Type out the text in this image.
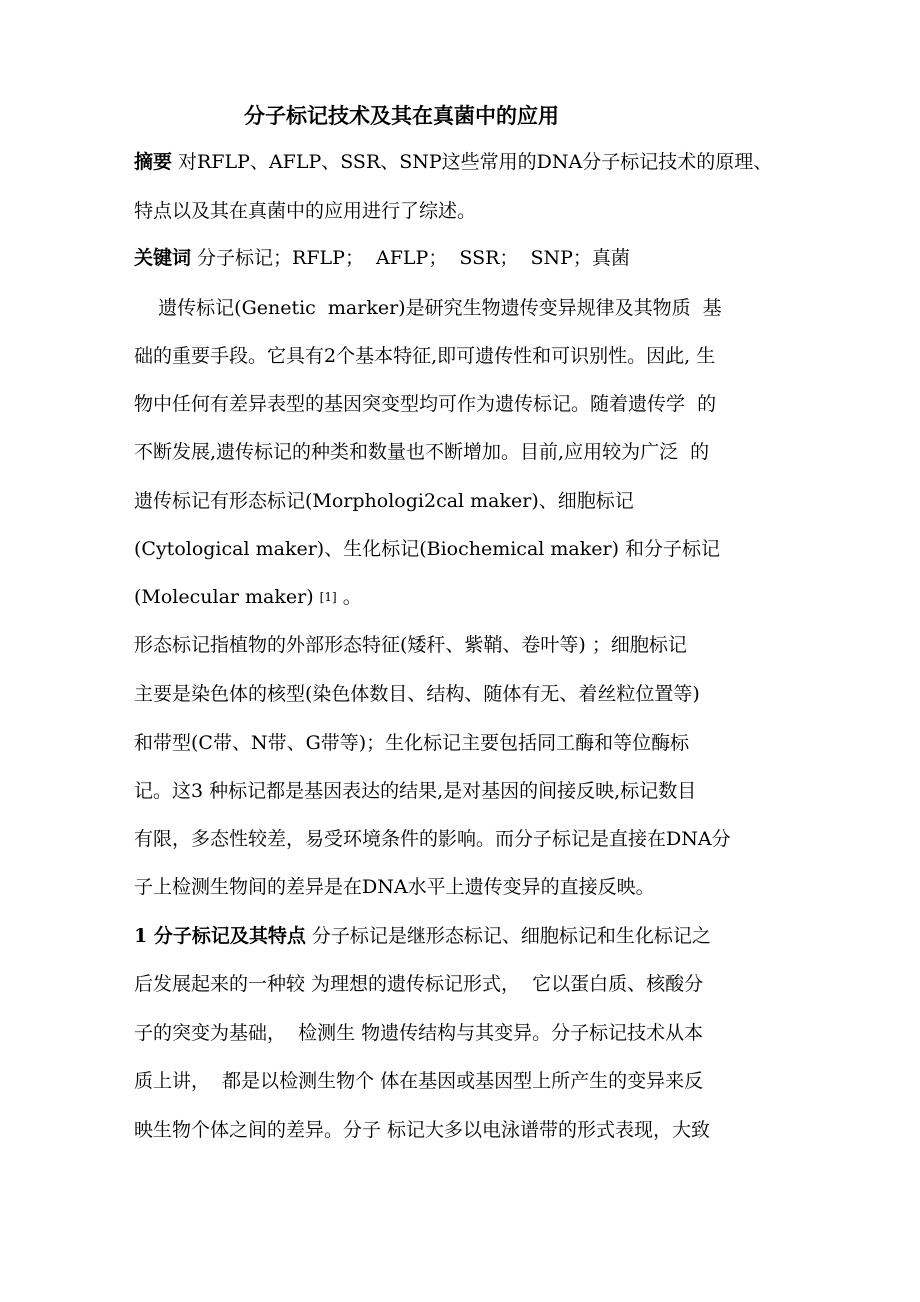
分子标记技术及其在真菌中的应用
摘要 对RFLP、AFLP、SSR、SNP这些常用的DNA分子标记技术的原理、
特点以及其在真菌中的应用进行了综述。
关键词 分子标记；RFLP；  AFLP；  SSR；  SNP；真菌
遗传标记(Genetic  marker)是研究生物遗传变异规律及其物质  基
础的重要手段。它具有2个基本特征,即可遗传性和可识别性。因此, 生
物中任何有差异表型的基因突变型均可作为遗传标记。随着遗传学  的
不断发展,遗传标记的种类和数量也不断增加。目前,应用较为广泛  的
遗传标记有形态标记(Morphologi2cal maker)、细胞标记
(Cytological maker)、生化标记(Biochemical maker) 和分子标记
(Molecular maker) [1] 。
形态标记指植物的外部形态特征(矮秆、紫鞘、卷叶等) ；细胞标记
主要是染色体的核型(染色体数目、结构、随体有无、着丝粒位置等)
和带型(C带、N带、G带等)；生化标记主要包括同工酶和等位酶标
记。这3 种标记都是基因表达的结果,是对基因的间接反映,标记数目
有限，多态性较差，易受环境条件的影响。而分子标记是直接在DNA分
子上检测生物间的差异是在DNA水平上遗传变异的直接反映。
1 分子标记及其特点 分子标记是继形态标记、细胞标记和生化标记之
后发展起来的一种较 为理想的遗传标记形式，  它以蛋白质、核酸分
子的突变为基础，  检测生 物遗传结构与其变异。分子标记技术从本
质上讲，  都是以检测生物个 体在基因或基因型上所产生的变异来反
映生物个体之间的差异。分子 标记大多以电泳谱带的形式表现，大致
